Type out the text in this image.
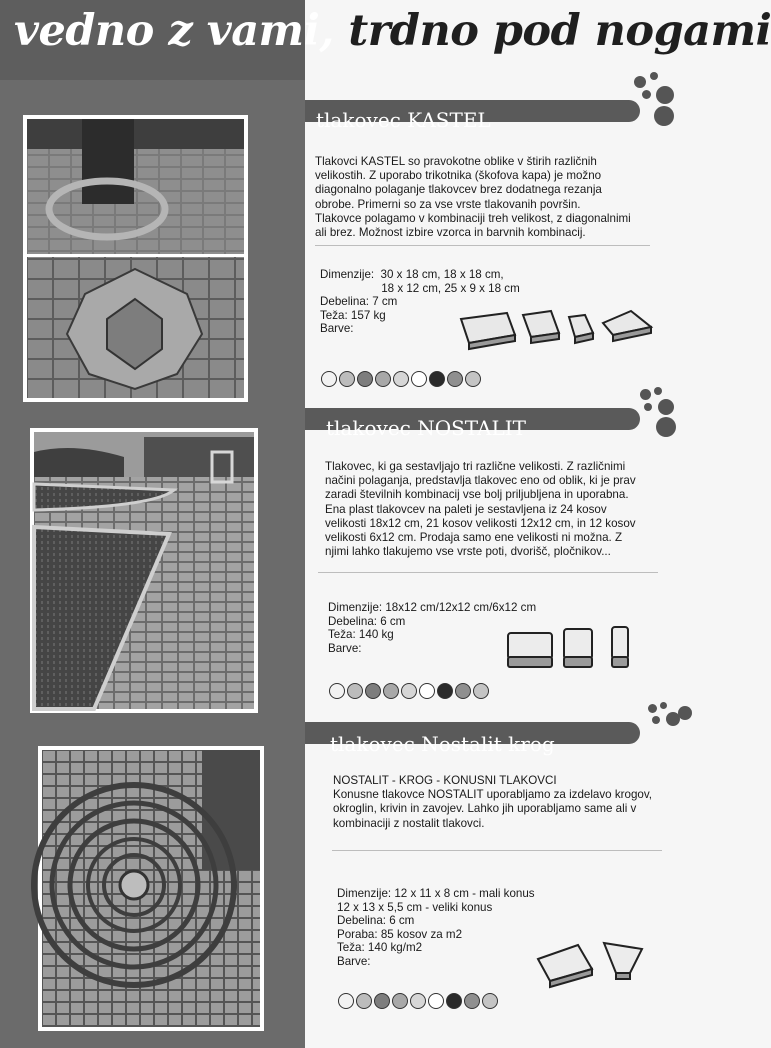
vedno z vami, trdno pod nogami
tlakovec KASTEL
Tlakovci KASTEL so pravokotne oblike v štirih različnih
velikostih. Z uporabo trikotnika (škofova kapa) je možno
diagonalno polaganje tlakovcev brez dodatnega rezanja
obrobe. Primerni so za vse vrste tlakovanih površin.
Tlakovce polagamo v kombinaciji treh velikost, z diagonalnimi
ali brez. Možnost izbire vzorca in barvnih kombinacij.
Dimenzije:  30 x 18 cm, 18 x 18 cm,
18 x 12 cm, 25 x 9 x 18 cm
Debelina: 7 cm
Teža: 157 kg
Barve:
tlakovec NOSTALIT
Tlakovec, ki ga sestavljajo tri različne velikosti. Z različnimi
načini polaganja, predstavlja tlakovec eno od oblik, ki je prav
zaradi številnih kombinacij vse bolj priljubljena in uporabna.
Ena plast tlakovcev na paleti je sestavljena iz 24 kosov
velikosti 18x12 cm, 21 kosov velikosti 12x12 cm, in 12 kosov
velikosti 6x12 cm. Prodaja samo ene velikosti ni možna. Z
njimi lahko tlakujemo vse vrste poti, dvorišč, pločnikov...
Dimenzije: 18x12 cm/12x12 cm/6x12 cm
Debelina: 6 cm
Teža: 140 kg
Barve:
tlakovec Nostalit krog
NOSTALIT - KROG - KONUSNI TLAKOVCI
Konusne tlakovce NOSTALIT uporabljamo za izdelavo krogov,
okroglin, krivin in zavojev. Lahko jih uporabljamo same ali v
kombinaciji z nostalit tlakovci.
Dimenzije: 12 x 11 x 8 cm - mali konus
12 x 13 x 5,5 cm - veliki konus
Debelina: 6 cm
Poraba: 85 kosov za m2
Teža: 140 kg/m2
Barve:
